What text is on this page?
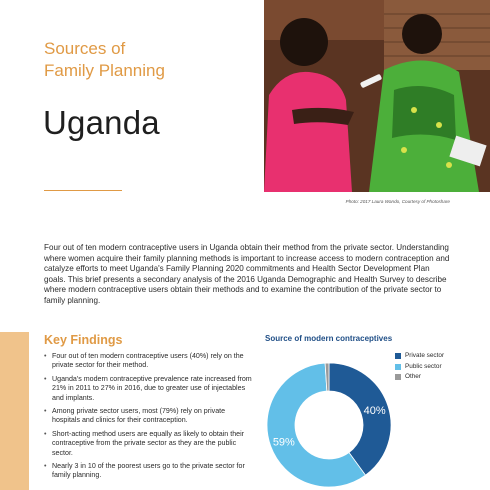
Sources of
Family Planning
Uganda
Photo: 2017 Laura Wando, Courtesy of Photoshare

Four out of ten modern contraceptive users in Uganda obtain their method from the private sector. Understanding where women acquire their family planning methods is important to increase access to modern contraception and catalyze efforts to meet Uganda's Family Planning 2020 commitments and Health Sector Development Plan goals. This brief presents a secondary analysis of the 2016 Uganda Demographic and Health Survey to describe where modern contraceptive users obtain their methods and to examine the contribution of the private sector to family planning.

Key Findings
• Four out of ten modern contraceptive users (40%) rely on the private sector for their method.
• Uganda's modern contraceptive prevalence rate increased from 21% in 2011 to 27% in 2016, due to greater use of injectables and implants.
• Among private sector users, most (79%) rely on private hospitals and clinics for their contraception.
• Short-acting method users are equally as likely to obtain their contraceptive from the private sector as they are the public sector.
• Nearly 3 in 10 of the poorest users go to the private sector for family planning.
Source of modern contraceptives
40%
59%
Private sector
Public sector
Other
